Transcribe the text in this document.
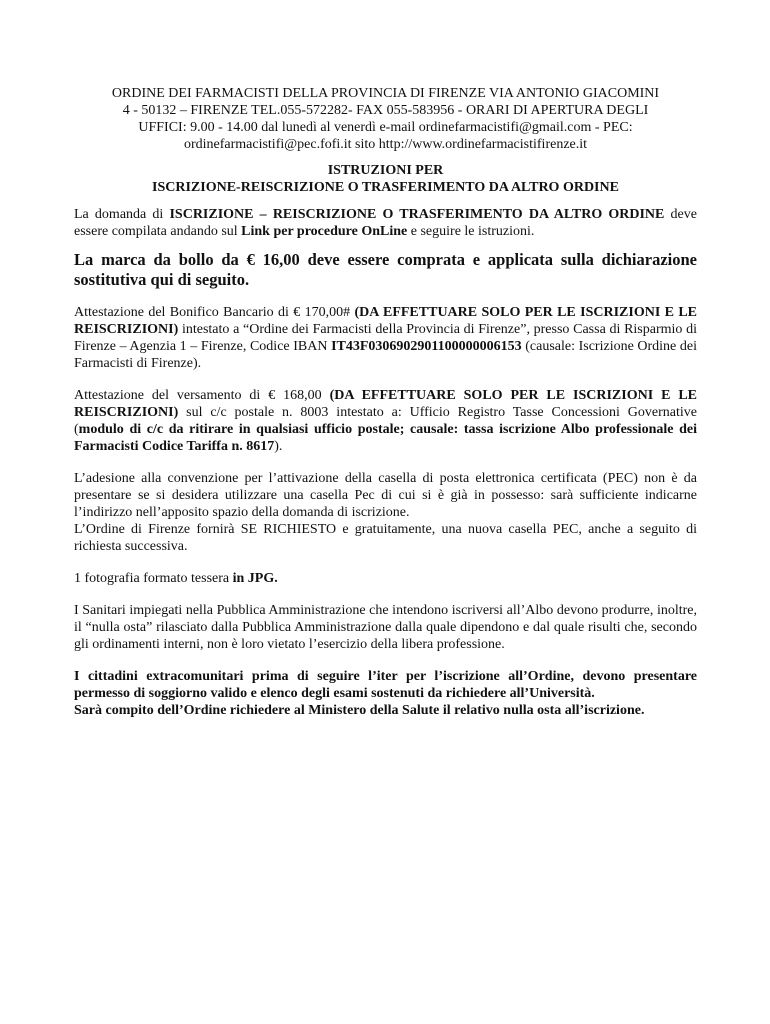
ORDINE DEI FARMACISTI DELLA PROVINCIA DI FIRENZE VIA ANTONIO GIACOMINI
4 - 50132 – FIRENZE TEL.055-572282- FAX 055-583956 - ORARI DI APERTURA DEGLI
UFFICI: 9.00 - 14.00 dal lunedì al venerdì e-mail ordinefarmacistifi@gmail.com - PEC:
ordinefarmacistifi@pec.fofi.it sito http://www.ordinefarmacistifirenze.it
ISTRUZIONI PER
ISCRIZIONE-REISCRIZIONE O TRASFERIMENTO DA ALTRO ORDINE

La domanda di ISCRIZIONE – REISCRIZIONE O TRASFERIMENTO DA ALTRO ORDINE deve essere compilata andando sul Link per procedure OnLine e seguire le istruzioni.

La marca da bollo da € 16,00 deve essere comprata e applicata sulla dichiarazione sostitutiva qui di seguito.

Attestazione del Bonifico Bancario di € 170,00# (DA EFFETTUARE SOLO PER LE ISCRIZIONI E LE REISCRIZIONI) intestato a “Ordine dei Farmacisti della Provincia di Firenze”, presso Cassa di Risparmio di Firenze – Agenzia 1 – Firenze, Codice IBAN IT43F0306902901100000006153 (causale: Iscrizione Ordine dei Farmacisti di Firenze).

Attestazione del versamento di € 168,00 (DA EFFETTUARE SOLO PER LE ISCRIZIONI E LE REISCRIZIONI) sul c/c postale n. 8003 intestato a: Ufficio Registro Tasse Concessioni Governative (modulo di c/c da ritirare in qualsiasi ufficio postale; causale: tassa iscrizione Albo professionale dei Farmacisti Codice Tariffa n. 8617).

L’adesione alla convenzione per l’attivazione della casella di posta elettronica certificata (PEC) non è da presentare se si desidera utilizzare una casella Pec di cui si è già in possesso: sarà sufficiente indicarne l’indirizzo nell’apposito spazio della domanda di iscrizione.

L’Ordine di Firenze fornirà SE RICHIESTO e gratuitamente, una nuova casella PEC, anche a seguito di richiesta successiva.

1 fotografia formato tessera in JPG.

I Sanitari impiegati nella Pubblica Amministrazione che intendono iscriversi all’Albo devono produrre, inoltre, il “nulla osta” rilasciato dalla Pubblica Amministrazione dalla quale dipendono e dal quale risulti che, secondo gli ordinamenti interni, non è loro vietato l’esercizio della libera professione.

I cittadini extracomunitari prima di seguire l’iter per l’iscrizione all’Ordine, devono presentare permesso di soggiorno valido e elenco degli esami sostenuti da richiedere all’Università.

Sarà compito dell’Ordine richiedere al Ministero della Salute il relativo nulla osta all’iscrizione.
